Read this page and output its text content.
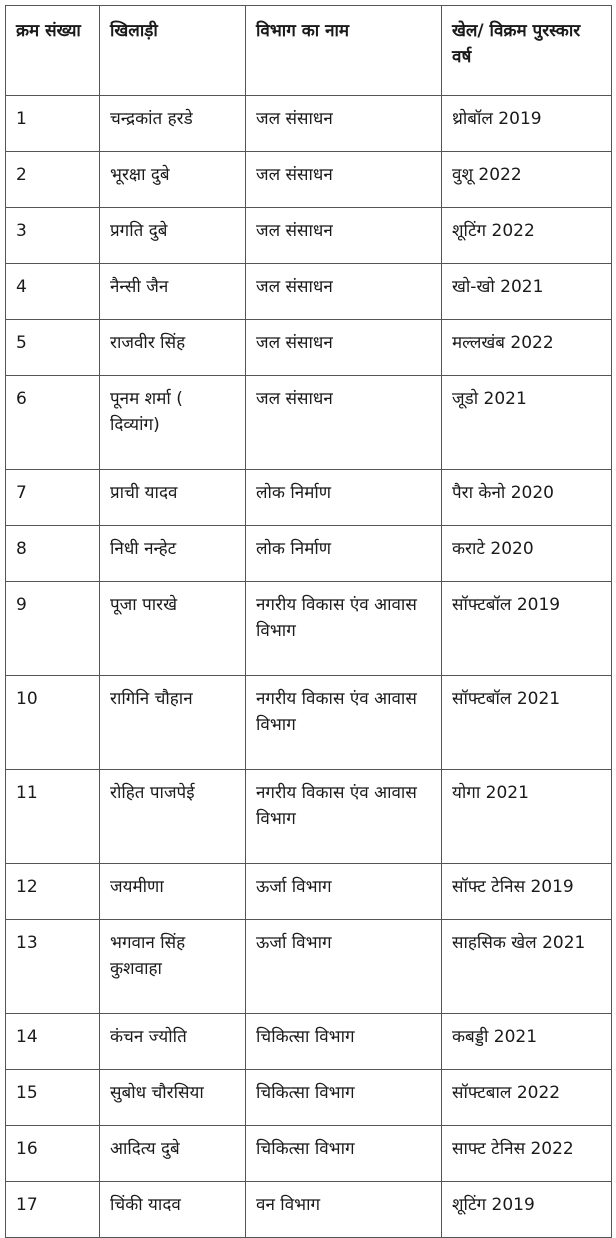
क्रम संख्या	खिलाड़ी	विभाग का नाम	खेल/ विक्रम पुरस्कार वर्ष
1	चन्द्रकांत हरडे	जल संसाधन	थ्रोबॉल 2019
2	भूरक्षा दुबे	जल संसाधन	वुशू 2022
3	प्रगति दुबे	जल संसाधन	शूटिंग 2022
4	नैन्सी जैन	जल संसाधन	खो-खो 2021
5	राजवीर सिंह	जल संसाधन	मल्लखंब 2022
6	पूनम शर्मा ( दिव्यांग)	जल संसाधन	जूडो 2021
7	प्राची यादव	लोक निर्माण	पैरा केनो 2020
8	निधी नन्हेट	लोक निर्माण	कराटे 2020
9	पूजा पारखे	नगरीय विकास एंव आवास विभाग	सॉफ्टबॉल 2019
10	रागिनि चौहान	नगरीय विकास एंव आवास विभाग	सॉफ्टबॉल 2021
11	रोहित पाजपेई	नगरीय विकास एंव आवास विभाग	योगा 2021
12	जयमीणा	ऊर्जा विभाग	सॉफ्ट टेनिस 2019
13	भगवान सिंह कुशवाहा	ऊर्जा विभाग	साहसिक खेल 2021
14	कंचन ज्योति	चिकित्सा विभाग	कबड्डी 2021
15	सुबोध चौरसिया	चिकित्सा विभाग	सॉफ्टबाल 2022
16	आदित्य दुबे	चिकित्सा विभाग	साफ्ट टेनिस 2022
17	चिंकी यादव	वन विभाग	शूटिंग 2019
